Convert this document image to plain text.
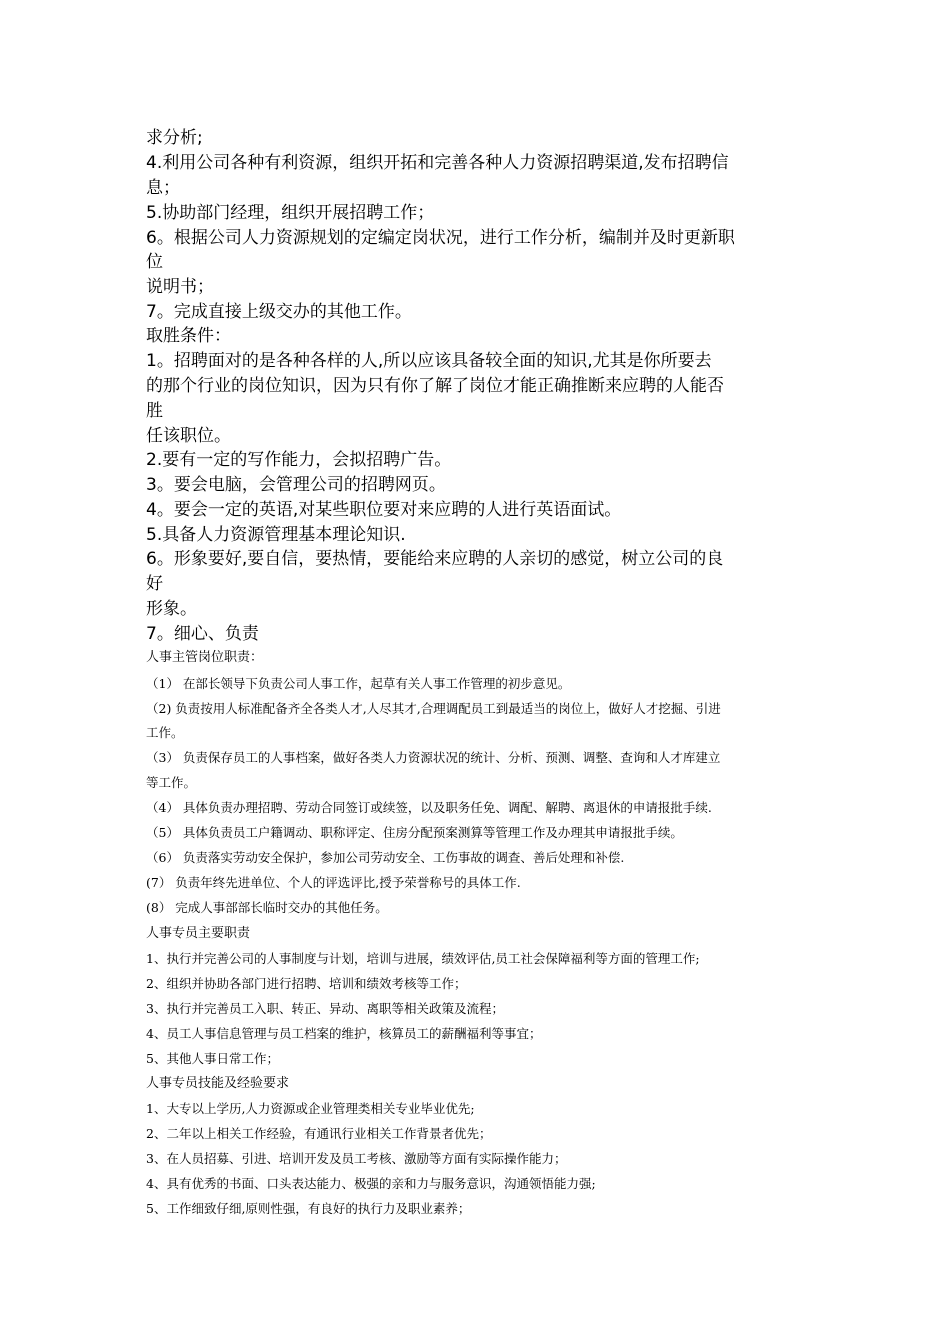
求分析;
4.利用公司各种有利资源，组织开拓和完善各种人力资源招聘渠道,发布招聘信
息；
5.协助部门经理，组织开展招聘工作；
6。根据公司人力资源规划的定编定岗状况，进行工作分析，编制并及时更新职
位
说明书；
7。完成直接上级交办的其他工作。
取胜条件：
1。招聘面对的是各种各样的人,所以应该具备较全面的知识,尤其是你所要去
的那个行业的岗位知识，因为只有你了解了岗位才能正确推断来应聘的人能否
胜
任该职位。
2.要有一定的写作能力，会拟招聘广告。
3。要会电脑，会管理公司的招聘网页。
4。要会一定的英语,对某些职位要对来应聘的人进行英语面试。
5.具备人力资源管理基本理论知识.
6。形象要好,要自信，要热情，要能给来应聘的人亲切的感觉，树立公司的良
好
形象。
7。细心、负责
人事主管岗位职责：
（1） 在部长领导下负责公司人事工作，起草有关人事工作管理的初步意见。
（2) 负责按用人标准配备齐全各类人才,人尽其才,合理调配员工到最适当的岗位上，做好人才挖掘、引进
工作。
（3） 负责保存员工的人事档案，做好各类人力资源状况的统计、分析、预测、调整、查询和人才库建立
等工作。
（4） 具体负责办理招聘、劳动合同签订或续签，以及职务任免、调配、解聘、离退休的申请报批手续.
（5） 具体负责员工户籍调动、职称评定、住房分配预案测算等管理工作及办理其申请报批手续。
（6） 负责落实劳动安全保护，参加公司劳动安全、工伤事故的调查、善后处理和补偿.
(7） 负责年终先进单位、个人的评选评比,授予荣誉称号的具体工作.
(8） 完成人事部部长临时交办的其他任务。
人事专员主要职责
1、执行并完善公司的人事制度与计划，培训与进展，绩效评估,员工社会保障福利等方面的管理工作;
2、组织并协助各部门进行招聘、培训和绩效考核等工作；
3、执行并完善员工入职、转正、异动、离职等相关政策及流程；
4、员工人事信息管理与员工档案的维护，核算员工的薪酬福利等事宜；
5、其他人事日常工作；
人事专员技能及经验要求
1、大专以上学历,人力资源或企业管理类相关专业毕业优先;
2、二年以上相关工作经验，有通讯行业相关工作背景者优先；
3、在人员招募、引进、培训开发及员工考核、激励等方面有实际操作能力；
4、具有优秀的书面、口头表达能力、极强的亲和力与服务意识，沟通领悟能力强;
5、工作细致仔细,原则性强，有良好的执行力及职业素养；
